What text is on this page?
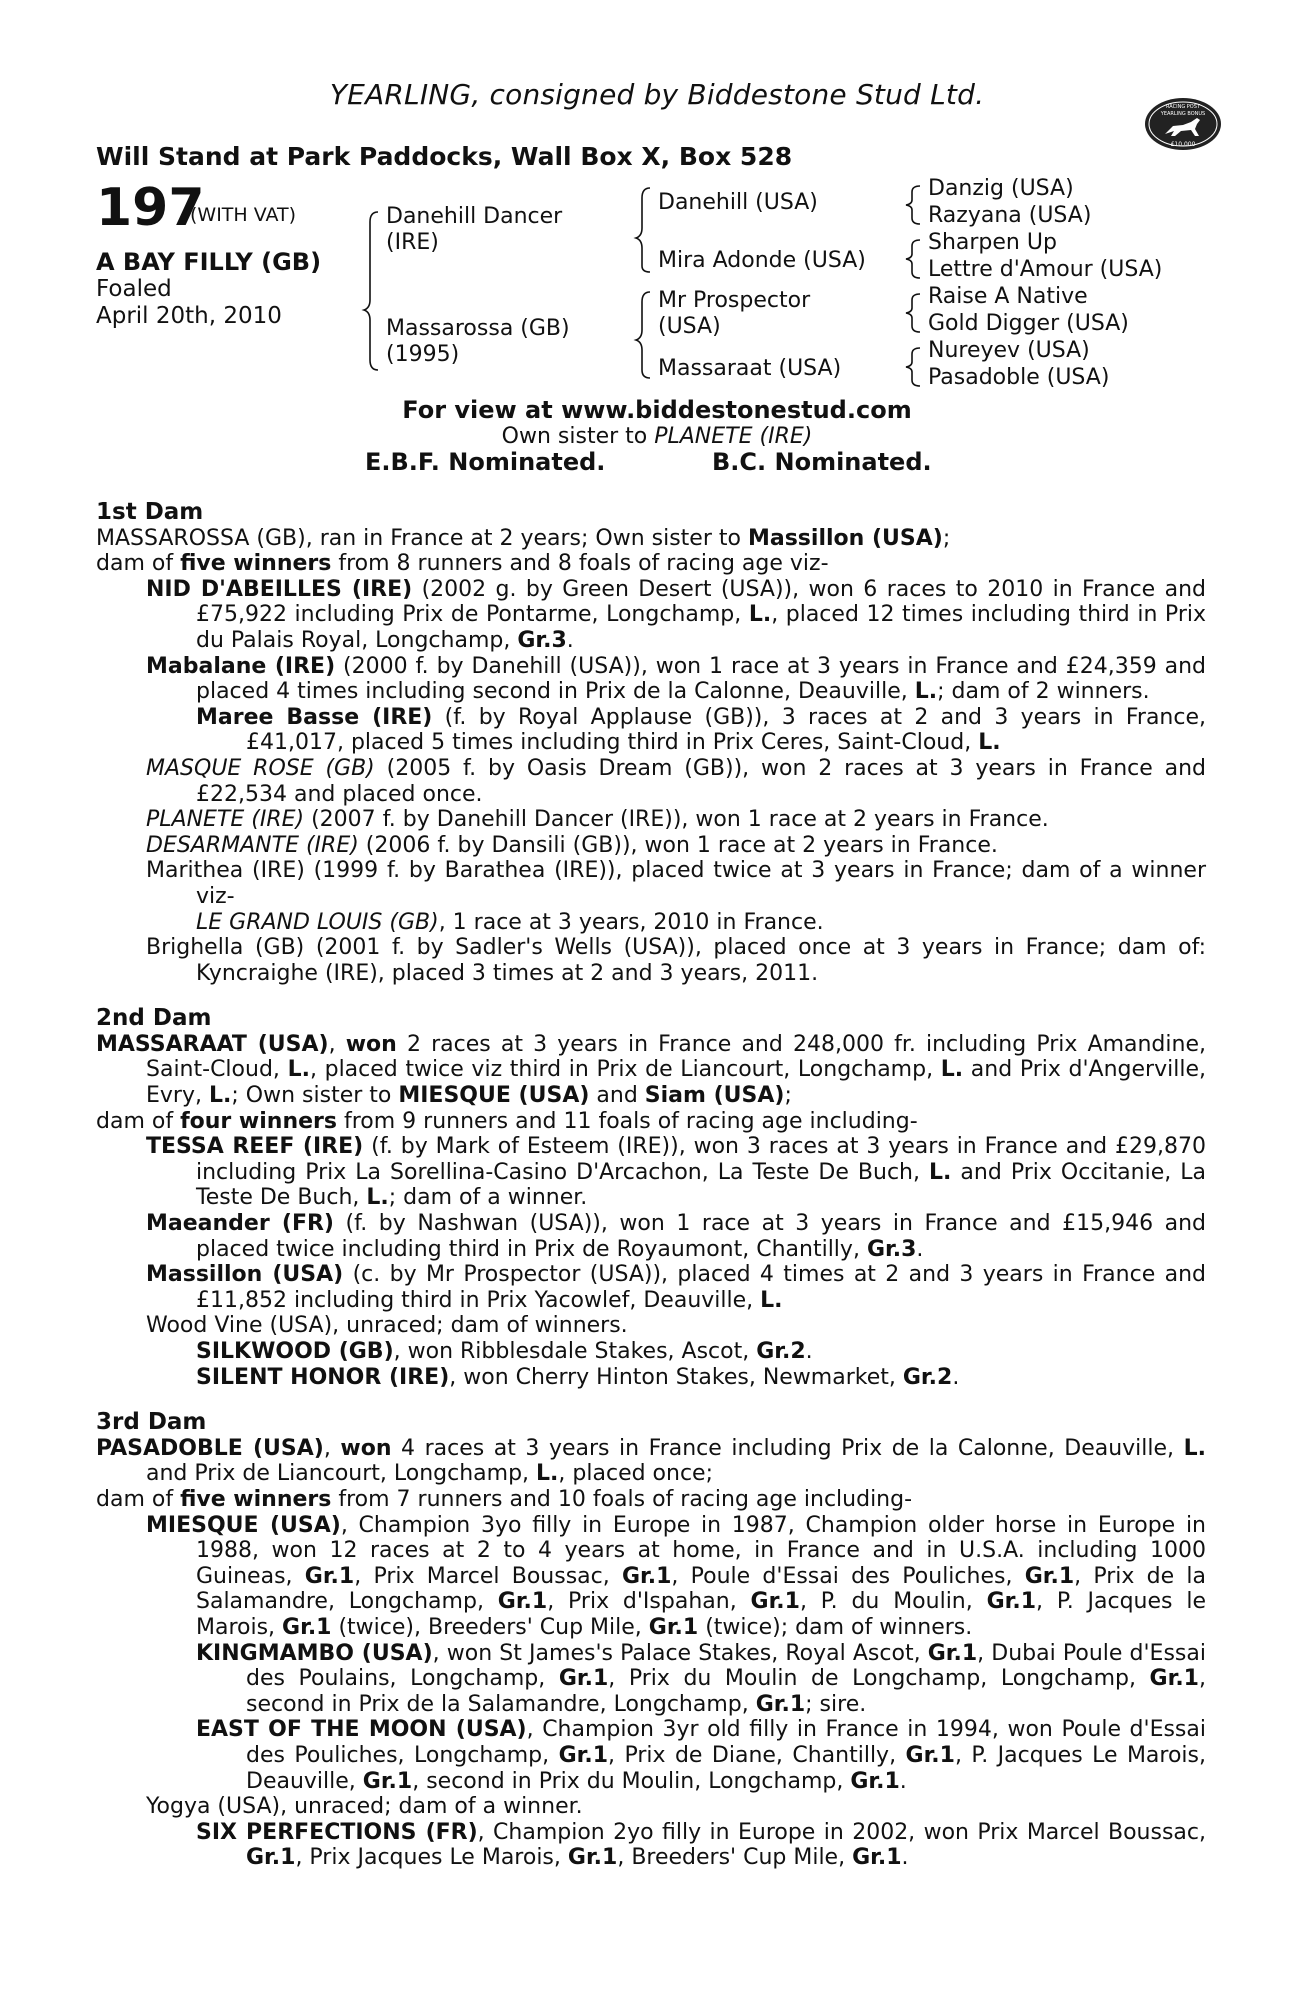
YEARLING, consigned by Biddestone Stud Ltd.	RACING POST
YEARLING BONUS
£10,000
Will Stand at Park Paddocks, Wall Box X, Box 528
197
(WITH VAT)
A BAY FILLY (GB)
Foaled
April 20th, 2010
Danehill Dancer
(IRE)
Massarossa (GB)
(1995)
Danehill (USA)
Mira Adonde (USA)
Mr Prospector
(USA)
Massaraat (USA)
Danzig (USA)
Razyana (USA)
Sharpen Up
Lettre d'Amour (USA)
Raise A Native
Gold Digger (USA)
Nureyev (USA)
Pasadoble (USA)
For view at www.biddestonestud.com
Own sister to PLANETE (IRE)
E.B.F. Nominated.	B.C. Nominated.
1st Dam
MASSAROSSA (GB), ran in France at 2 years; Own sister to Massillon (USA);
dam of five winners from 8 runners and 8 foals of racing age viz-
NID D'ABEILLES (IRE) (2002 g. by Green Desert (USA)), won 6 races to 2010 in France and £75,922 including Prix de Pontarme, Longchamp, L., placed 12 times including third in Prix du Palais Royal, Longchamp, Gr.3.
Mabalane (IRE) (2000 f. by Danehill (USA)), won 1 race at 3 years in France and £24,359 and placed 4 times including second in Prix de la Calonne, Deauville, L.; dam of 2 winners.
Maree Basse (IRE) (f. by Royal Applause (GB)), 3 races at 2 and 3 years in France, £41,017, placed 5 times including third in Prix Ceres, Saint-Cloud, L.
MASQUE ROSE (GB) (2005 f. by Oasis Dream (GB)), won 2 races at 3 years in France and £22,534 and placed once.
PLANETE (IRE) (2007 f. by Danehill Dancer (IRE)), won 1 race at 2 years in France.
DESARMANTE (IRE) (2006 f. by Dansili (GB)), won 1 race at 2 years in France.
Marithea (IRE) (1999 f. by Barathea (IRE)), placed twice at 3 years in France; dam of a winner viz-
LE GRAND LOUIS (GB), 1 race at 3 years, 2010 in France.
Brighella (GB) (2001 f. by Sadler's Wells (USA)), placed once at 3 years in France; dam of: Kyncraighe (IRE), placed 3 times at 2 and 3 years, 2011.
2nd Dam
MASSARAAT (USA), won 2 races at 3 years in France and 248,000 fr. including Prix Amandine, Saint-Cloud, L., placed twice viz third in Prix de Liancourt, Longchamp, L. and Prix d'Angerville, Evry, L.; Own sister to MIESQUE (USA) and Siam (USA);
dam of four winners from 9 runners and 11 foals of racing age including-
TESSA REEF (IRE) (f. by Mark of Esteem (IRE)), won 3 races at 3 years in France and £29,870 including Prix La Sorellina-Casino D'Arcachon, La Teste De Buch, L. and Prix Occitanie, La Teste De Buch, L.; dam of a winner.
Maeander (FR) (f. by Nashwan (USA)), won 1 race at 3 years in France and £15,946 and placed twice including third in Prix de Royaumont, Chantilly, Gr.3.
Massillon (USA) (c. by Mr Prospector (USA)), placed 4 times at 2 and 3 years in France and £11,852 including third in Prix Yacowlef, Deauville, L.
Wood Vine (USA), unraced; dam of winners.
SILKWOOD (GB), won Ribblesdale Stakes, Ascot, Gr.2.
SILENT HONOR (IRE), won Cherry Hinton Stakes, Newmarket, Gr.2.
3rd Dam
PASADOBLE (USA), won 4 races at 3 years in France including Prix de la Calonne, Deauville, L. and Prix de Liancourt, Longchamp, L., placed once;
dam of five winners from 7 runners and 10 foals of racing age including-
MIESQUE (USA), Champion 3yo filly in Europe in 1987, Champion older horse in Europe in 1988, won 12 races at 2 to 4 years at home, in France and in U.S.A. including 1000 Guineas, Gr.1, Prix Marcel Boussac, Gr.1, Poule d'Essai des Pouliches, Gr.1, Prix de la Salamandre, Longchamp, Gr.1, Prix d'Ispahan, Gr.1, P. du Moulin, Gr.1, P. Jacques le Marois, Gr.1 (twice), Breeders' Cup Mile, Gr.1 (twice); dam of winners.
KINGMAMBO (USA), won St James's Palace Stakes, Royal Ascot, Gr.1, Dubai Poule d'Essai des Poulains, Longchamp, Gr.1, Prix du Moulin de Longchamp, Longchamp, Gr.1, second in Prix de la Salamandre, Longchamp, Gr.1; sire.
EAST OF THE MOON (USA), Champion 3yr old filly in France in 1994, won Poule d'Essai des Pouliches, Longchamp, Gr.1, Prix de Diane, Chantilly, Gr.1, P. Jacques Le Marois, Deauville, Gr.1, second in Prix du Moulin, Longchamp, Gr.1.
Yogya (USA), unraced; dam of a winner.
SIX PERFECTIONS (FR), Champion 2yo filly in Europe in 2002, won Prix Marcel Boussac, Gr.1, Prix Jacques Le Marois, Gr.1, Breeders' Cup Mile, Gr.1.
